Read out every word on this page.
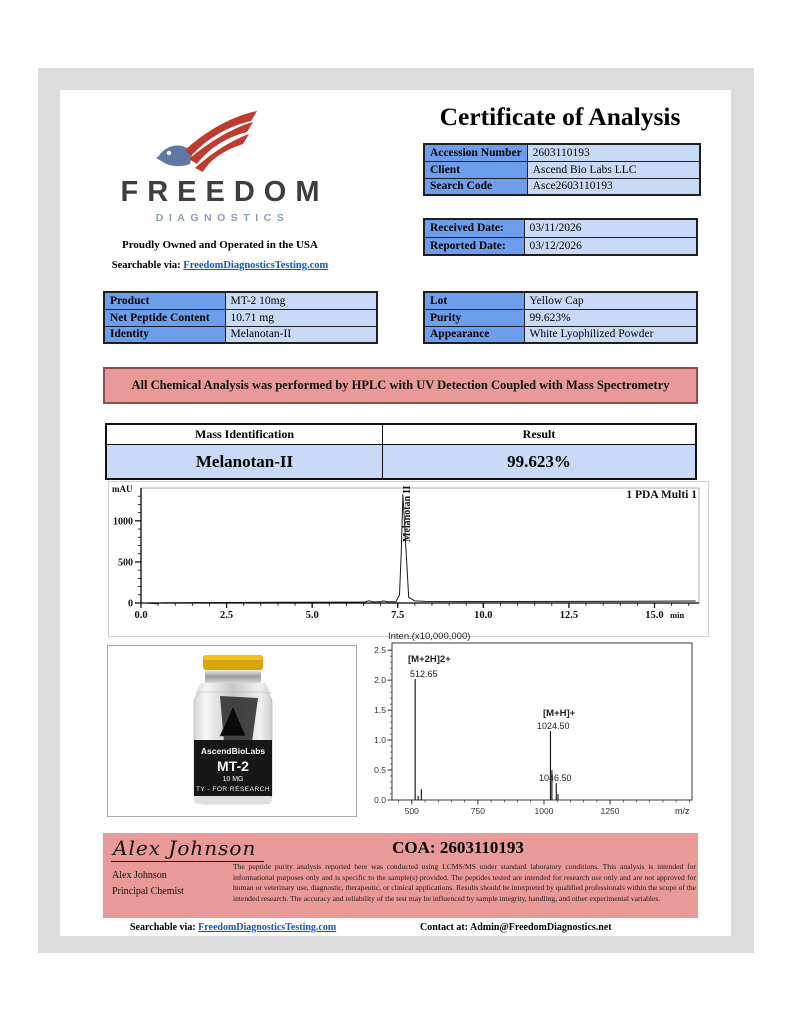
FREEDOM
DIAGNOSTICS
Proudly Owned and Operated in the USA
Searchable via: FreedomDiagnosticsTesting.com
Certificate of Analysis
Accession Number	2603110193
Client	Ascend Bio Labs LLC
Search Code	Asce2603110193
Received Date:	03/11/2026
Reported Date:	03/12/2026
Product	MT-2 10mg
Net Peptide Content	10.71 mg
Identity	Melanotan-II
Lot	Yellow Cap
Purity	99.623%
Appearance	White Lyophilized Powder
All Chemical Analysis was performed by HPLC with UV Detection Coupled with Mass Spectrometry
Mass Identification	Result
Melanotan-II	99.623%
0
500
1000
0.0	2.5	5.0	7.5	10.0	12.5	15.0
mAU	1 PDA Multi 1
Melanotan II
min
AscendBioLabs
MT-2
10 MG
TY - FOR RESEARCH
0.0
0.5
1.0
1.5
2.0
2.5
500	750	1000	1250
Inten.(x10,000,000)
[M+2H]2+
512.65
[M+H]+
1024.50
1046.50
m/z
Alex Johnson
Alex Johnson
Principal Chemist
COA: 2603110193
The peptide purity analysis reported here was conducted using LCMS/MS under standard laboratory conditions. This analysis is intended for informational purposes only and is specific to the sample(s) provided. The peptides tested are intended for research use only and are not approved for human or veterinary use, diagnostic, therapeutic, or clinical applications. Results should be interpreted by qualified professionals within the scope of the intended research. The accuracy and reliability of the test may be influenced by sample integrity, handling, and other experimental variables.
Searchable via: FreedomDiagnosticsTesting.com	Contact at: Admin@FreedomDiagnostics.net
